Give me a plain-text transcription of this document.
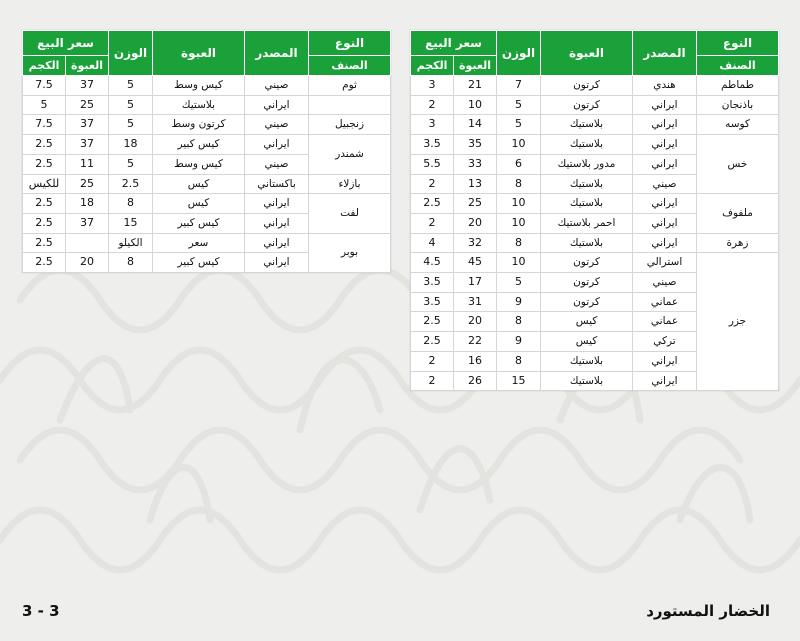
النوع	المصدر	العبوة	الوزن	سعر البيع	
الصنف				العبوة	الكجم
طماطم	هندي	كرتون	7	21	3
باذنجان	ايراني	كرتون	5	10	2
كوسه	ايراني	بلاستيك	5	14	3
خس	ايراني	بلاستيك	10	35	3.5
	ايراني	مدور بلاستيك	6	33	5.5
	صيني	بلاستيك	8	13	2
ملفوف	ايراني	بلاستيك	10	25	2.5
	ايراني	احمر بلاستيك	10	20	2
زهرة	ايراني	بلاستيك	8	32	4
جزر	استرالي	كرتون	10	45	4.5
	صيني	كرتون	5	17	3.5
	عماني	كرتون	9	31	3.5
	عماني	كيس	8	20	2.5
	تركي	كيس	9	22	2.5
	ايراني	بلاستيك	8	16	2
	ايراني	بلاستيك	15	26	2
النوع	المصدر	العبوة	الوزن	سعر البيع	
الصنف				العبوة	الكجم
ثوم	صيني	كيس وسط	5	37	7.5
	ايراني	بلاستيك	5	25	5
زنجبيل	صيني	كرتون وسط	5	37	7.5
شمندر	ايراني	كيس كبير	18	37	2.5
	صيني	كيس وسط	5	11	2.5
بازلاء	باكستاني	كيس	2.5	25	للكيس
لفت	ايراني	كيس	8	18	2.5
	ايراني	كيس كبير	15	37	2.5
بوبر	ايراني	سعر	الكيلو		2.5
	ايراني	كيس كبير	8	20	2.5
الخضار المستورد
3 - 3
